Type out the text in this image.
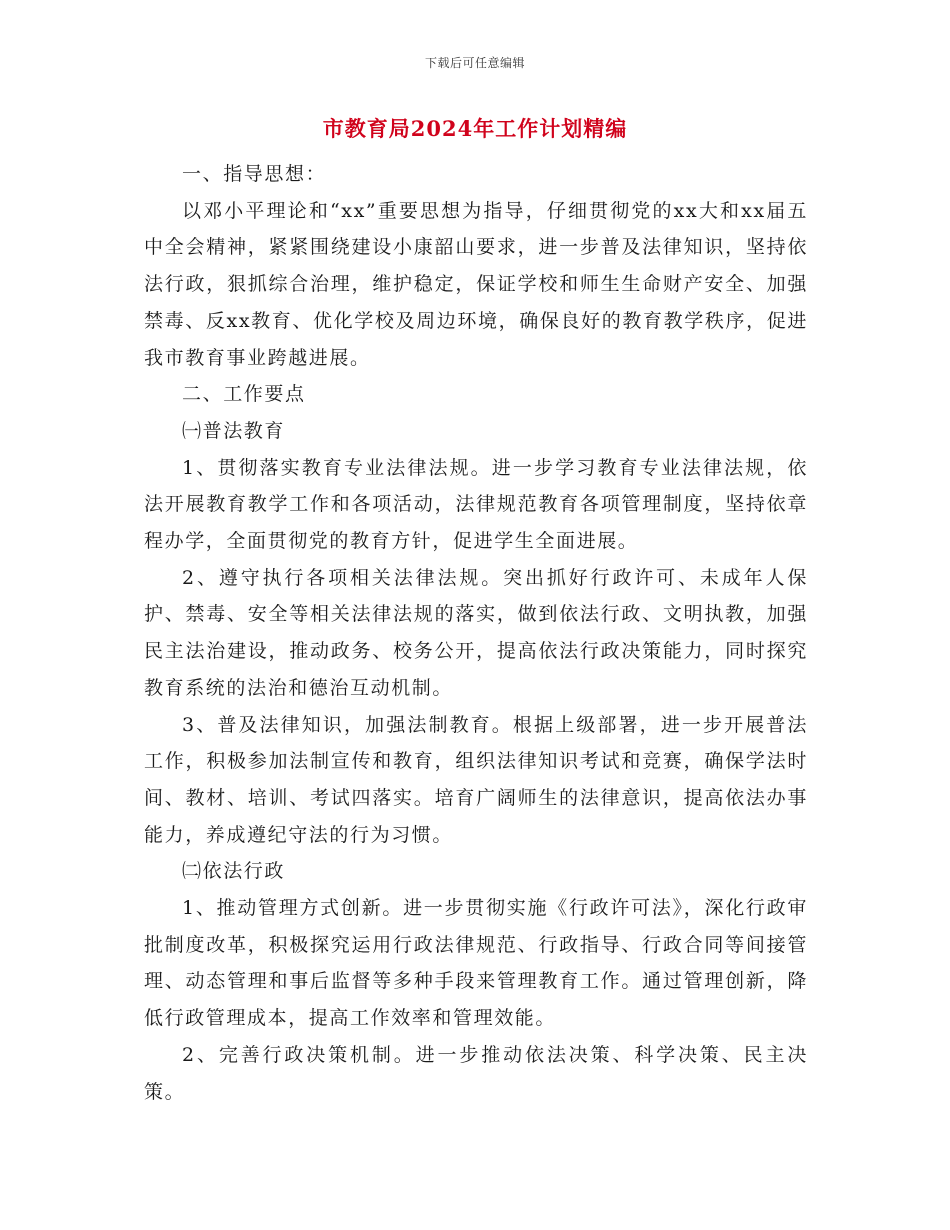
下载后可任意编辑
市教育局2024年工作计划精编

一、指导思想：

以邓小平理论和“xx”重要思想为指导，仔细贯彻党的xx大和xx届五中全会精神，紧紧围绕建设小康韶山要求，进一步普及法律知识，坚持依法行政，狠抓综合治理，维护稳定，保证学校和师生生命财产安全、加强禁毒、反xx教育、优化学校及周边环境，确保良好的教育教学秩序，促进我市教育事业跨越进展。

二、工作要点

㈠普法教育

1、贯彻落实教育专业法律法规。进一步学习教育专业法律法规，依法开展教育教学工作和各项活动，法律规范教育各项管理制度，坚持依章程办学，全面贯彻党的教育方针，促进学生全面进展。

2、遵守执行各项相关法律法规。突出抓好行政许可、未成年人保护、禁毒、安全等相关法律法规的落实，做到依法行政、文明执教，加强民主法治建设，推动政务、校务公开，提高依法行政决策能力，同时探究教育系统的法治和德治互动机制。

3、普及法律知识，加强法制教育。根据上级部署，进一步开展普法工作，积极参加法制宣传和教育，组织法律知识考试和竞赛，确保学法时间、教材、培训、考试四落实。培育广阔师生的法律意识，提高依法办事能力，养成遵纪守法的行为习惯。

㈡依法行政

1、推动管理方式创新。进一步贯彻实施《行政许可法》，深化行政审批制度改革，积极探究运用行政法律规范、行政指导、行政合同等间接管理、动态管理和事后监督等多种手段来管理教育工作。通过管理创新，降低行政管理成本，提高工作效率和管理效能。

2、完善行政决策机制。进一步推动依法决策、科学决策、民主决策。
